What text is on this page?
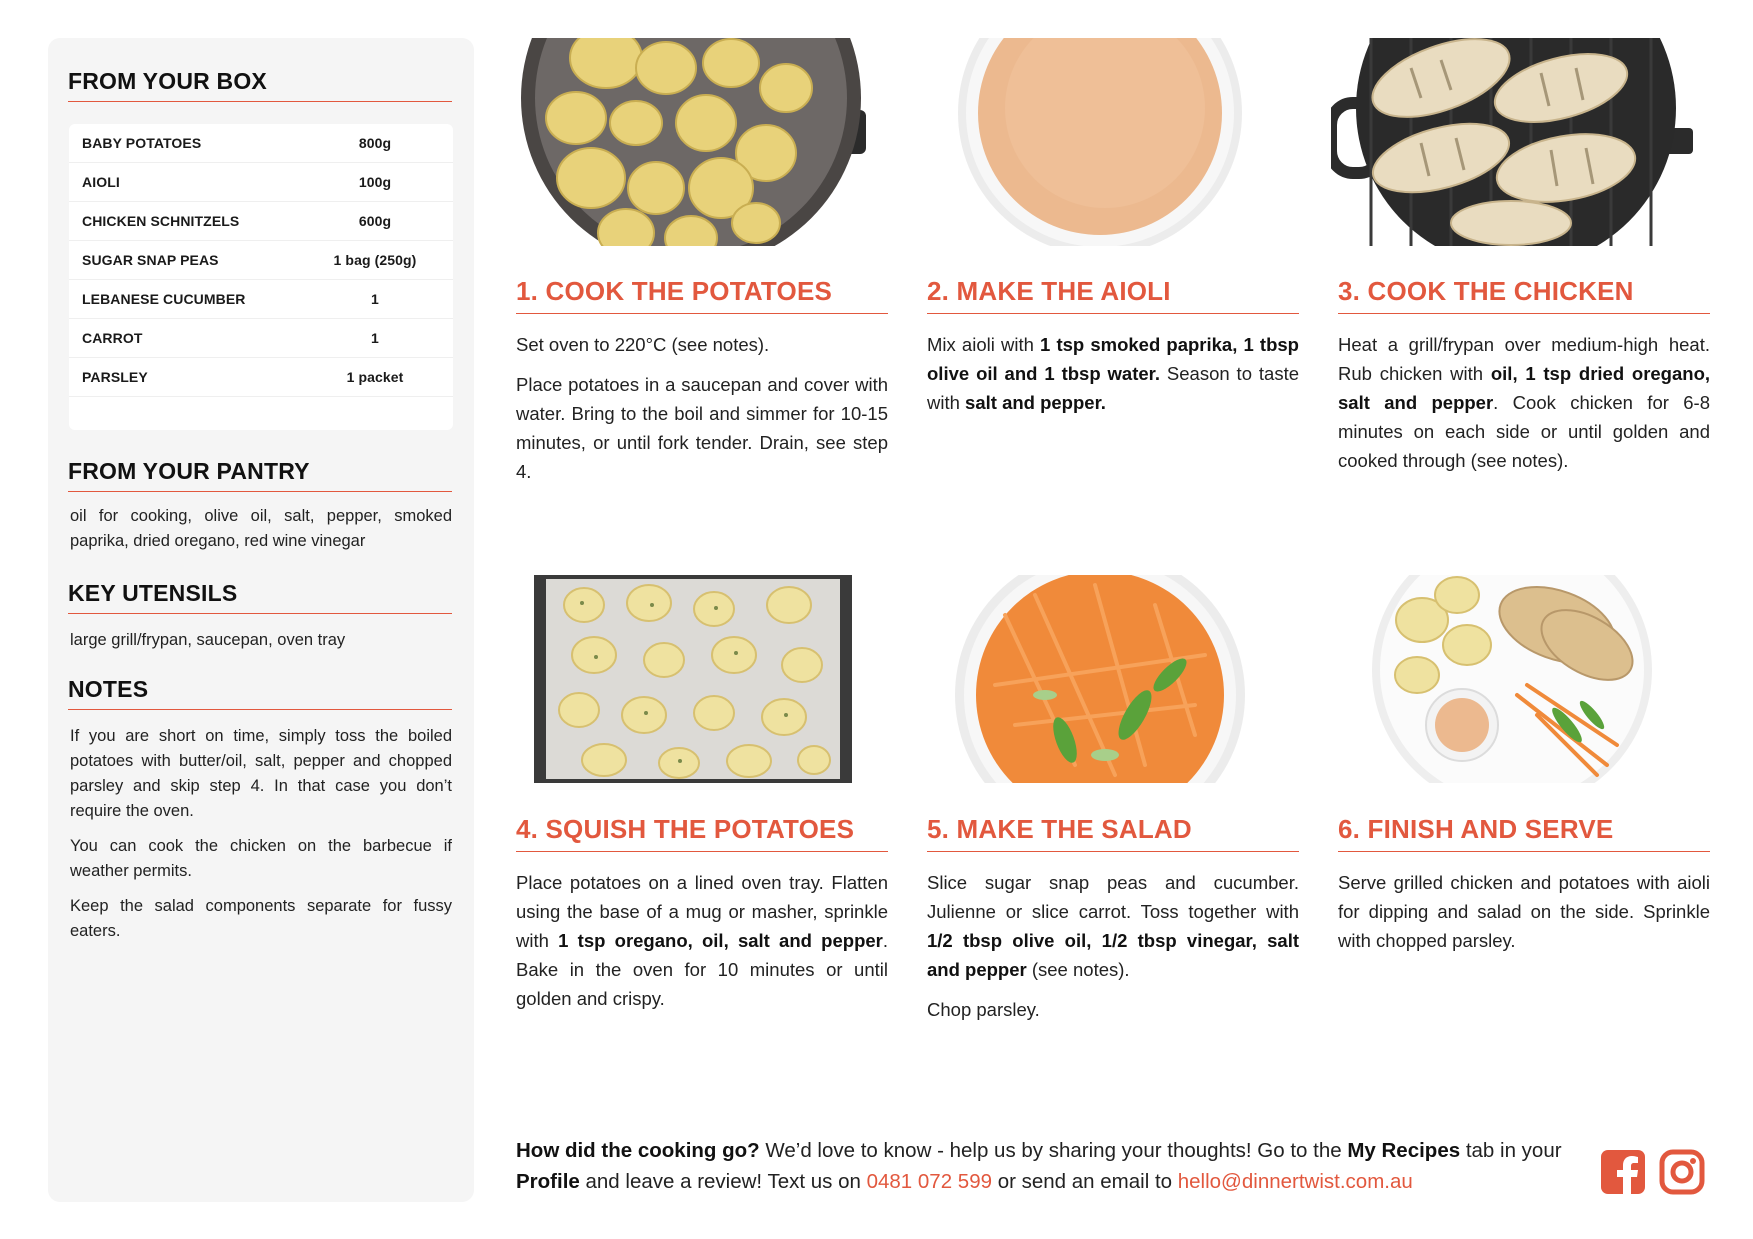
FROM YOUR BOX
BABY POTATOES	800g
AIOLI	100g
CHICKEN SCHNITZELS	600g
SUGAR SNAP PEAS	1 bag (250g)
LEBANESE CUCUMBER	1
CARROT	1
PARSLEY	1 packet
FROM YOUR PANTRY
oil for cooking, olive oil, salt, pepper, smoked paprika, dried oregano, red wine vinegar
KEY UTENSILS
large grill/frypan, saucepan, oven tray
NOTES

If you are short on time, simply toss the boiled potatoes with butter/oil, salt, pepper and chopped parsley and skip step 4. In that case you don’t require the oven.

You can cook the chicken on the barbecue if weather permits.

Keep the salad components separate for fussy eaters.

1. COOK THE POTATOES

Set oven to 220°C (see notes).

Place potatoes in a saucepan and cover with water. Bring to the boil and simmer for 10-15 minutes, or until fork tender. Drain, see step 4.

2. MAKE THE AIOLI

Mix aioli with 1 tsp smoked paprika, 1 tbsp olive oil and 1 tbsp water. Season to taste with salt and pepper.

3. COOK THE CHICKEN

Heat a grill/frypan over medium-high heat. Rub chicken with oil, 1 tsp dried oregano, salt and pepper. Cook chicken for 6-8 minutes on each side or until golden and cooked through (see notes).

4. SQUISH THE POTATOES

Place potatoes on a lined oven tray. Flatten using the base of a mug or masher, sprinkle with 1 tsp oregano, oil, salt and pepper. Bake in the oven for 10 minutes or until golden and crispy.

5. MAKE THE SALAD

Slice sugar snap peas and cucumber. Julienne or slice carrot. Toss together with 1/2 tbsp olive oil, 1/2 tbsp vinegar, salt and pepper (see notes).

Chop parsley.

6. FINISH AND SERVE

Serve grilled chicken and potatoes with aioli for dipping and salad on the side. Sprinkle with chopped parsley.

How did the cooking go? We’d love to know - help us by sharing your thoughts! Go to the My Recipes tab in your Profile and leave a review! Text us on 0481 072 599 or send an email to hello@dinnertwist.com.au
